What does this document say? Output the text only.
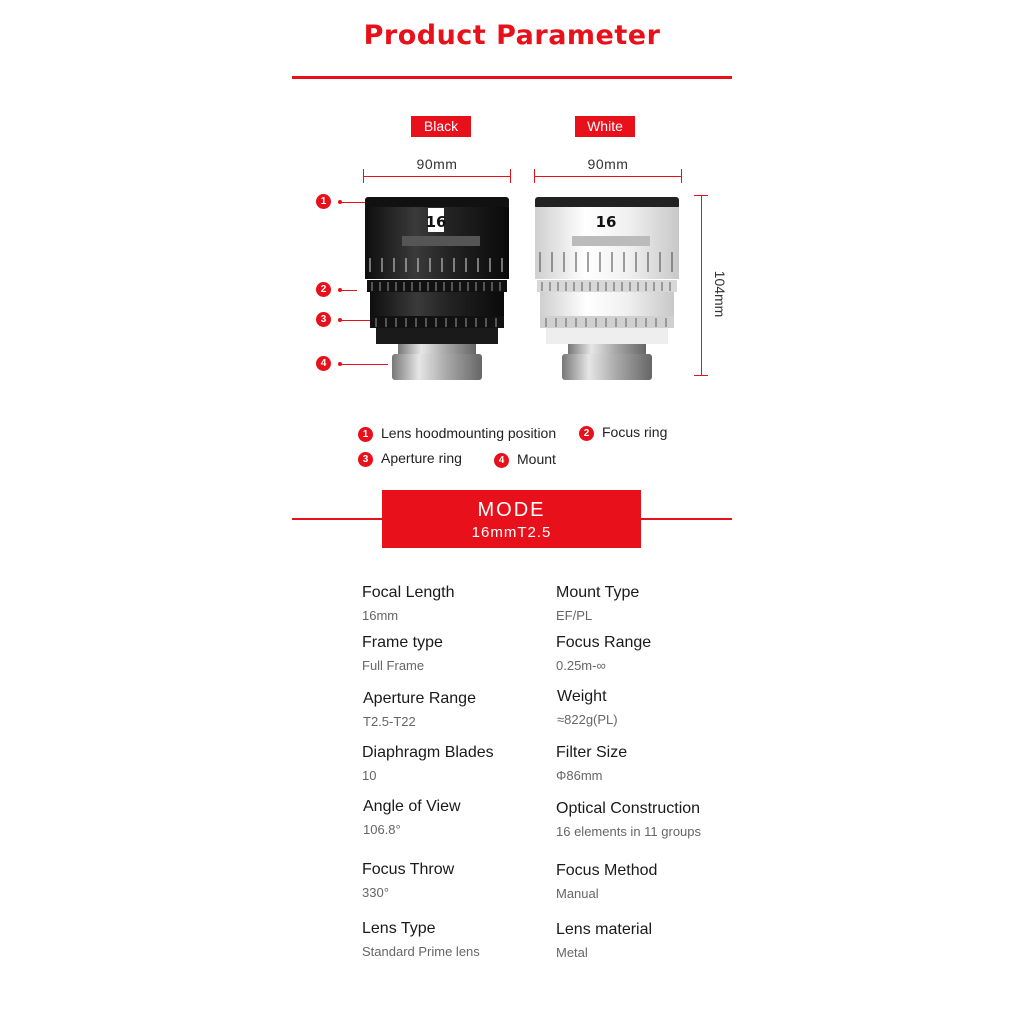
Product Parameter
Black	White
90mm	90mm
104mm
1
2
3
4
16	16
1 Lens hoodmounting position	2 Focus ring
3 Aperture ring	4 Mount
MODE
16mmT2.5
Focal Length
16mm
Mount Type
EF/PL
Frame type
Full Frame
Focus Range
0.25m-∞
Aperture Range
T2.5-T22
Weight
≈822g(PL)
Diaphragm Blades
10
Filter Size
Φ86mm
Angle of View
106.8°
Optical Construction
16 elements in 11 groups
Focus Throw
330°
Focus Method
Manual
Lens Type
Standard Prime lens
Lens material
Metal
